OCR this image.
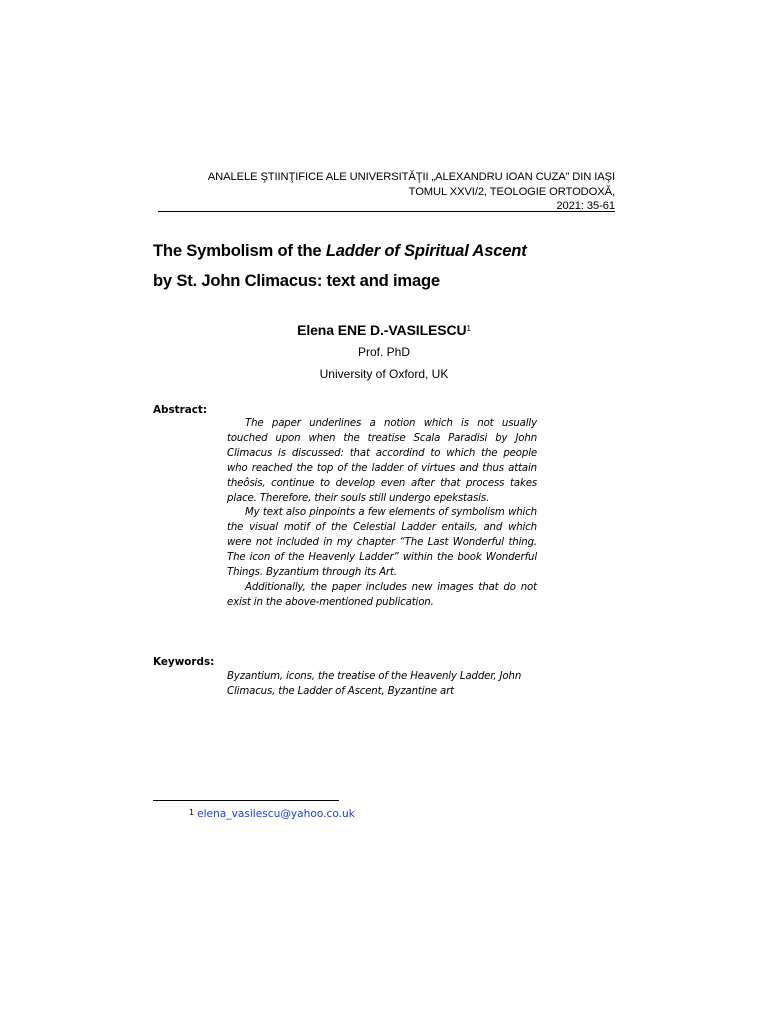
ANALELE ŞTIINŢIFICE ALE UNIVERSITĂŢII „ALEXANDRU IOAN CUZA” DIN IAŞI
TOMUL XXVI/2, TEOLOGIE ORTODOXĂ,
2021: 35-61
The Symbolism of the Ladder of Spiritual Ascent
by St. John Climacus: text and image
Elena ENE D.-VASILESCU$^1$
Prof. PhD
University of Oxford, UK
Abstract:

The paper underlines a notion which is not usually touched upon when the treatise Scala Paradisi by John Climacus is discussed: that accordind to which the people who reached the top of the ladder of virtues and thus attain theôsis, continue to develop even after that process takes place. Therefore, their souls still undergo epekstasis.

My text also pinpoints a few elements of symbolism which the visual motif of the Celestial Ladder entails, and which were not included in my chapter “The Last Wonderful thing. The icon of the Heavenly Ladder” within the book Wonderful Things. Byzantium through its Art.

Additionally, the paper includes new images that do not exist in the above-mentioned publication.

Keywords:
Byzantium, icons, the treatise of the Heavenly Ladder, John Climacus, the Ladder of Ascent, Byzantine art
$^1$ elena_vasilescu@yahoo.co.uk
